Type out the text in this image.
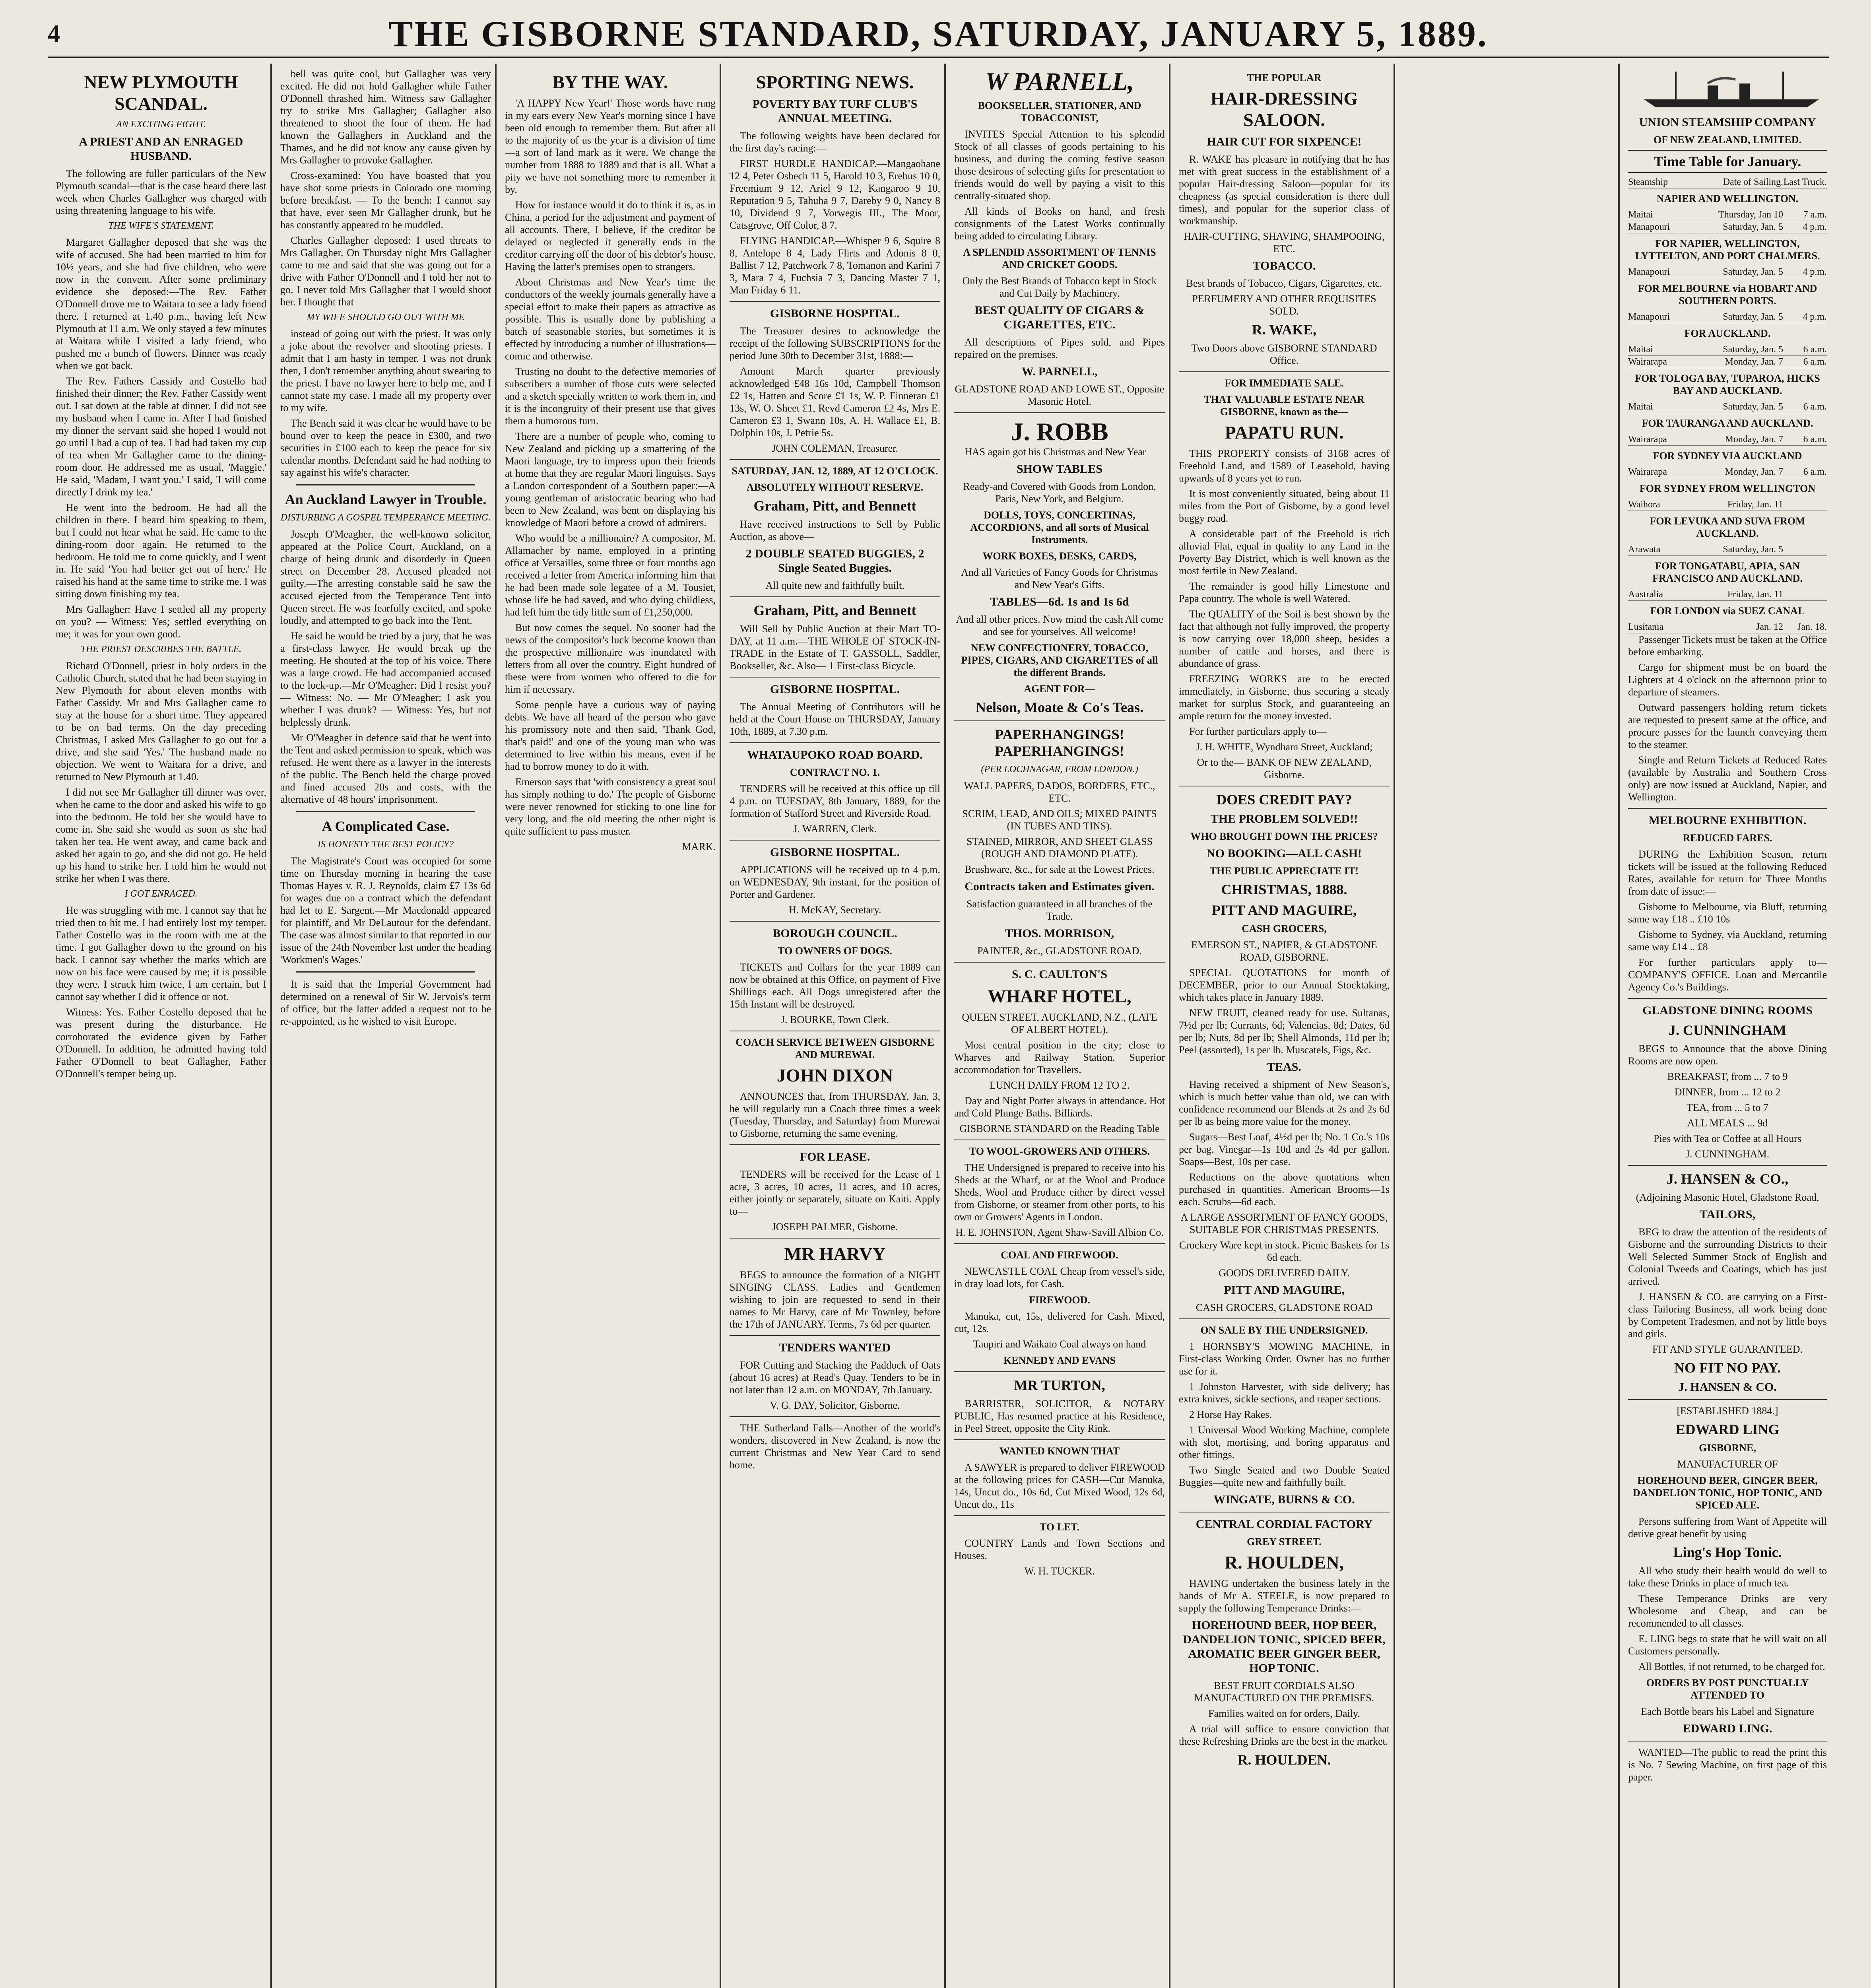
4	THE GISBORNE STANDARD, SATURDAY, JANUARY 5, 1889.
NEW PLYMOUTH SCANDAL.
AN EXCITING FIGHT.
A PRIEST AND AN ENRAGED HUSBAND.

The following are fuller particulars of the New Plymouth scandal—that is the case heard there last week when Charles Gallagher was charged with using threatening language to his wife.

THE WIFE'S STATEMENT.

Margaret Gallagher deposed that she was the wife of accused. She had been married to him for 10½ years, and she had five children, who were now in the convent. After some preliminary evidence she deposed:—The Rev. Father O'Donnell drove me to Waitara to see a lady friend there. I returned at 1.40 p.m., having left New Plymouth at 11 a.m. We only stayed a few minutes at Waitara while I visited a lady friend, who pushed me a bunch of flowers. Dinner was ready when we got back.

The Rev. Fathers Cassidy and Costello had finished their dinner; the Rev. Father Cassidy went out. I sat down at the table at dinner. I did not see my husband when I came in. After I had finished my dinner the servant said she hoped I would not go until I had a cup of tea. I had had taken my cup of tea when Mr Gallagher came to the dining-room door. He addressed me as usual, 'Maggie.' He said, 'Madam, I want you.' I said, 'I will come directly I drink my tea.'

He went into the bedroom. He had all the children in there. I heard him speaking to them, but I could not hear what he said. He came to the dining-room door again. He returned to the bedroom. He told me to come quickly, and I went in. He said 'You had better get out of here.' He raised his hand at the same time to strike me. I was sitting down finishing my tea.

Mrs Gallagher: Have I settled all my property on you? — Witness: Yes; settled everything on me; it was for your own good.

THE PRIEST DESCRIBES THE BATTLE.

Richard O'Donnell, priest in holy orders in the Catholic Church, stated that he had been staying in New Plymouth for about eleven months with Father Cassidy. Mr and Mrs Gallagher came to stay at the house for a short time. They appeared to be on bad terms. On the day preceding Christmas, I asked Mrs Gallagher to go out for a drive, and she said 'Yes.' The husband made no objection. We went to Waitara for a drive, and returned to New Plymouth at 1.40.

I did not see Mr Gallagher till dinner was over, when he came to the door and asked his wife to go into the bedroom. He told her she would have to come in. She said she would as soon as she had taken her tea. He went away, and came back and asked her again to go, and she did not go. He held up his hand to strike her. I told him he would not strike her when I was there.

I GOT ENRAGED.

He was struggling with me. I cannot say that he tried then to hit me. I had entirely lost my temper. Father Costello was in the room with me at the time. I got Gallagher down to the ground on his back. I cannot say whether the marks which are now on his face were caused by me; it is possible they were. I struck him twice, I am certain, but I cannot say whether I did it offence or not.

Witness: Yes. Father Costello deposed that he was present during the disturbance. He corroborated the evidence given by Father O'Donnell. In addition, he admitted having told Father O'Donnell to beat Gallagher, Father O'Donnell's temper being up.

bell was quite cool, but Gallagher was very excited. He did not hold Gallagher while Father O'Donnell thrashed him. Witness saw Gallagher try to strike Mrs Gallagher; Gallagher also threatened to shoot the four of them. He had known the Gallaghers in Auckland and the Thames, and he did not know any cause given by Mrs Gallagher to provoke Gallagher.

Cross-examined: You have boasted that you have shot some priests in Colorado one morning before breakfast. — To the bench: I cannot say that have, ever seen Mr Gallagher drunk, but he has constantly appeared to be muddled.

Charles Gallagher deposed: I used threats to Mrs Gallagher. On Thursday night Mrs Gallagher came to me and said that she was going out for a drive with Father O'Donnell and I told her not to go. I never told Mrs Gallagher that I would shoot her. I thought that

MY WIFE SHOULD GO OUT WITH ME

instead of going out with the priest. It was only a joke about the revolver and shooting priests. I admit that I am hasty in temper. I was not drunk then, I don't remember anything about swearing to the priest. I have no lawyer here to help me, and I cannot state my case. I made all my property over to my wife.

The Bench said it was clear he would have to be bound over to keep the peace in £300, and two securities in £100 each to keep the peace for six calendar months. Defendant said he had nothing to say against his wife's character.

An Auckland Lawyer in Trouble.
DISTURBING A GOSPEL TEMPERANCE MEETING.

Joseph O'Meagher, the well-known solicitor, appeared at the Police Court, Auckland, on a charge of being drunk and disorderly in Queen street on December 28. Accused pleaded not guilty.—The arresting constable said he saw the accused ejected from the Temperance Tent into Queen street. He was fearfully excited, and spoke loudly, and attempted to go back into the Tent.

He said he would be tried by a jury, that he was a first-class lawyer. He would break up the meeting. He shouted at the top of his voice. There was a large crowd. He had accompanied accused to the lock-up.—Mr O'Meagher: Did I resist you? — Witness: No. — Mr O'Meagher: I ask you whether I was drunk? — Witness: Yes, but not helplessly drunk.

Mr O'Meagher in defence said that he went into the Tent and asked permission to speak, which was refused. He went there as a lawyer in the interests of the public. The Bench held the charge proved and fined accused 20s and costs, with the alternative of 48 hours' imprisonment.

A Complicated Case.
IS HONESTY THE BEST POLICY?

The Magistrate's Court was occupied for some time on Thursday morning in hearing the case Thomas Hayes v. R. J. Reynolds, claim £7 13s 6d for wages due on a contract which the defendant had let to E. Sargent.—Mr Macdonald appeared for plaintiff, and Mr DeLautour for the defendant. The case was almost similar to that reported in our issue of the 24th November last under the heading 'Workmen's Wages.'

It is said that the Imperial Government had determined on a renewal of Sir W. Jervois's term of office, but the latter added a request not to be re-appointed, as he wished to visit Europe.

BY THE WAY.

'A HAPPY New Year!' Those words have rung in my ears every New Year's morning since I have been old enough to remember them. But after all to the majority of us the year is a division of time—a sort of land mark as it were. We change the number from 1888 to 1889 and that is all. What a pity we have not something more to remember it by.

How for instance would it do to think it is, as in China, a period for the adjustment and payment of all accounts. There, I believe, if the creditor be delayed or neglected it generally ends in the creditor carrying off the door of his debtor's house. Having the latter's premises open to strangers.

About Christmas and New Year's time the conductors of the weekly journals generally have a special effort to make their papers as attractive as possible. This is usually done by publishing a batch of seasonable stories, but sometimes it is effected by introducing a number of illustrations—comic and otherwise.

Trusting no doubt to the defective memories of subscribers a number of those cuts were selected and a sketch specially written to work them in, and it is the incongruity of their present use that gives them a humorous turn.

There are a number of people who, coming to New Zealand and picking up a smattering of the Maori language, try to impress upon their friends at home that they are regular Maori linguists. Says a London correspondent of a Southern paper:—A young gentleman of aristocratic bearing who had been to New Zealand, was bent on displaying his knowledge of Maori before a crowd of admirers.

Who would be a millionaire? A compositor, M. Allamacher by name, employed in a printing office at Versailles, some three or four months ago received a letter from America informing him that he had been made sole legatee of a M. Tousiet, whose life he had saved, and who dying childless, had left him the tidy little sum of £1,250,000.

But now comes the sequel. No sooner had the news of the compositor's luck become known than the prospective millionaire was inundated with letters from all over the country. Eight hundred of these were from women who offered to die for him if necessary.

Some people have a curious way of paying debts. We have all heard of the person who gave his promissory note and then said, 'Thank God, that's paid!' and one of the young man who was determined to live within his means, even if he had to borrow money to do it with.

Emerson says that 'with consistency a great soul has simply nothing to do.' The people of Gisborne were never renowned for sticking to one line for very long, and the old meeting the other night is quite sufficient to pass muster.

MARK.

SPORTING NEWS.
POVERTY BAY TURF CLUB'S ANNUAL MEETING.

The following weights have been declared for the first day's racing:—

FIRST HURDLE HANDICAP.—Mangaohane 12 4, Peter Osbech 11 5, Harold 10 3, Erebus 10 0, Freemium 9 12, Ariel 9 12, Kangaroo 9 10, Reputation 9 5, Tahuha 9 7, Dareby 9 0, Nancy 8 10, Dividend 9 7, Vorwegis III., The Moor, Catsgrove, Off Color, 8 7.

FLYING HANDICAP.—Whisper 9 6, Squire 8 8, Antelope 8 4, Lady Flirts and Adonis 8 0, Ballist 7 12, Patchwork 7 8, Tomanon and Karini 7 3, Mara 7 4, Fuchsia 7 3, Dancing Master 7 1, Man Friday 6 11.

GISBORNE HOSPITAL.

The Treasurer desires to acknowledge the receipt of the following SUBSCRIPTIONS for the period June 30th to December 31st, 1888:—

Amount March quarter previously acknowledged £48 16s 10d, Campbell Thomson £2 1s, Hatten and Score £1 1s, W. P. Finneran £1 13s, W. O. Sheet £1, Revd Cameron £2 4s, Mrs E. Cameron £3 1, Swann 10s, A. H. Wallace £1, B. Dolphin 10s, J. Petrie 5s.

JOHN COLEMAN, Treasurer.

SATURDAY, JAN. 12, 1889, AT 12 O'CLOCK.
ABSOLUTELY WITHOUT RESERVE.
Graham, Pitt, and Bennett

Have received instructions to Sell by Public Auction, as above—

2 DOUBLE SEATED BUGGIES, 2 Single Seated Buggies.

All quite new and faithfully built.

Graham, Pitt, and Bennett

Will Sell by Public Auction at their Mart TO-DAY, at 11 a.m.—THE WHOLE OF STOCK-IN-TRADE in the Estate of T. GASSOLL, Saddler, Bookseller, &c. Also— 1 First-class Bicycle.

GISBORNE HOSPITAL.

The Annual Meeting of Contributors will be held at the Court House on THURSDAY, January 10th, 1889, at 7.30 p.m.

WHATAUPOKO ROAD BOARD.
CONTRACT NO. 1.

TENDERS will be received at this office up till 4 p.m. on TUESDAY, 8th January, 1889, for the formation of Stafford Street and Riverside Road.

J. WARREN, Clerk.

GISBORNE HOSPITAL.

APPLICATIONS will be received up to 4 p.m. on WEDNESDAY, 9th instant, for the position of Porter and Gardener.

H. McKAY, Secretary.

BOROUGH COUNCIL.
TO OWNERS OF DOGS.

TICKETS and Collars for the year 1889 can now be obtained at this Office, on payment of Five Shillings each. All Dogs unregistered after the 15th Instant will be destroyed.

J. BOURKE, Town Clerk.

COACH SERVICE BETWEEN GISBORNE AND MUREWAI.
JOHN DIXON

ANNOUNCES that, from THURSDAY, Jan. 3, he will regularly run a Coach three times a week (Tuesday, Thursday, and Saturday) from Murewai to Gisborne, returning the same evening.

FOR LEASE.

TENDERS will be received for the Lease of 1 acre, 3 acres, 10 acres, 11 acres, and 10 acres, either jointly or separately, situate on Kaiti. Apply to—

JOSEPH PALMER, Gisborne.

MR HARVY

BEGS to announce the formation of a NIGHT SINGING CLASS. Ladies and Gentlemen wishing to join are requested to send in their names to Mr Harvy, care of Mr Townley, before the 17th of JANUARY. Terms, 7s 6d per quarter.

TENDERS WANTED

FOR Cutting and Stacking the Paddock of Oats (about 16 acres) at Read's Quay. Tenders to be in not later than 12 a.m. on MONDAY, 7th January.

V. G. DAY, Solicitor, Gisborne.

THE Sutherland Falls—Another of the world's wonders, discovered in New Zealand, is now the current Christmas and New Year Card to send home.

W PARNELL,
BOOKSELLER, STATIONER, AND TOBACCONIST,

INVITES Special Attention to his splendid Stock of all classes of goods pertaining to his business, and during the coming festive season those desirous of selecting gifts for presentation to friends would do well by paying a visit to this centrally-situated shop.

All kinds of Books on hand, and fresh consignments of the Latest Works continually being added to circulating Library.

A SPLENDID ASSORTMENT OF TENNIS AND CRICKET GOODS.

Only the Best Brands of Tobacco kept in Stock and Cut Daily by Machinery.

BEST QUALITY OF CIGARS & CIGARETTES, ETC.

All descriptions of Pipes sold, and Pipes repaired on the premises.

W. PARNELL,

GLADSTONE ROAD AND LOWE ST., Opposite Masonic Hotel.

J. ROBB

HAS again got his Christmas and New Year

SHOW TABLES

Ready-and Covered with Goods from London, Paris, New York, and Belgium.

DOLLS, TOYS, CONCERTINAS, ACCORDIONS, and all sorts of Musical Instruments.
WORK BOXES, DESKS, CARDS,

And all Varieties of Fancy Goods for Christmas and New Year's Gifts.

TABLES—6d. 1s and 1s 6d

And all other prices. Now mind the cash All come and see for yourselves. All welcome!

NEW CONFECTIONERY, TOBACCO, PIPES, CIGARS, AND CIGARETTES of all the different Brands.
AGENT FOR—
Nelson, Moate & Co's Teas.
PAPERHANGINGS! PAPERHANGINGS!
(PER LOCHNAGAR, FROM LONDON.)

WALL PAPERS, DADOS, BORDERS, ETC., ETC.

SCRIM, LEAD, AND OILS; MIXED PAINTS (IN TUBES AND TINS).

STAINED, MIRROR, AND SHEET GLASS (ROUGH AND DIAMOND PLATE).

Brushware, &c., for sale at the Lowest Prices.

Contracts taken and Estimates given.

Satisfaction guaranteed in all branches of the Trade.

THOS. MORRISON,

PAINTER, &c., GLADSTONE ROAD.

S. C. CAULTON'S
WHARF HOTEL,

QUEEN STREET, AUCKLAND, N.Z., (LATE OF ALBERT HOTEL).

Most central position in the city; close to Wharves and Railway Station. Superior accommodation for Travellers.

LUNCH DAILY FROM 12 TO 2.

Day and Night Porter always in attendance. Hot and Cold Plunge Baths. Billiards.

GISBORNE STANDARD on the Reading Table

TO WOOL-GROWERS AND OTHERS.

THE Undersigned is prepared to receive into his Sheds at the Wharf, or at the Wool and Produce Sheds, Wool and Produce either by direct vessel from Gisborne, or steamer from other ports, to his own or Growers' Agents in London.

H. E. JOHNSTON, Agent Shaw-Savill Albion Co.

COAL AND FIREWOOD.

NEWCASTLE COAL Cheap from vessel's side, in dray load lots, for Cash.

FIREWOOD.

Manuka, cut, 15s, delivered for Cash. Mixed, cut, 12s.

Taupiri and Waikato Coal always on hand

KENNEDY AND EVANS
MR TURTON,

BARRISTER, SOLICITOR, & NOTARY PUBLIC, Has resumed practice at his Residence, in Peel Street, opposite the City Rink.

WANTED KNOWN THAT

A SAWYER is prepared to deliver FIREWOOD at the following prices for CASH—Cut Manuka, 14s, Uncut do., 10s 6d, Cut Mixed Wood, 12s 6d, Uncut do., 11s

TO LET.

COUNTRY Lands and Town Sections and Houses.

W. H. TUCKER.

THE POPULAR
HAIR-DRESSING SALOON.
HAIR CUT FOR SIXPENCE!

R. WAKE has pleasure in notifying that he has met with great success in the establishment of a popular Hair-dressing Saloon—popular for its cheapness (as special consideration is there dull times), and popular for the superior class of workmanship.

HAIR-CUTTING, SHAVING, SHAMPOOING, ETC.

TOBACCO.

Best brands of Tobacco, Cigars, Cigarettes, etc.

PERFUMERY AND OTHER REQUISITES SOLD.

R. WAKE,

Two Doors above GISBORNE STANDARD Office.

FOR IMMEDIATE SALE.
THAT VALUABLE ESTATE NEAR GISBORNE, known as the—
PAPATU RUN.

THIS PROPERTY consists of 3168 acres of Freehold Land, and 1589 of Leasehold, having upwards of 8 years yet to run.

It is most conveniently situated, being about 11 miles from the Port of Gisborne, by a good level buggy road.

A considerable part of the Freehold is rich alluvial Flat, equal in quality to any Land in the Poverty Bay District, which is well known as the most fertile in New Zealand.

The remainder is good hilly Limestone and Papa country. The whole is well Watered.

The QUALITY of the Soil is best shown by the fact that although not fully improved, the property is now carrying over 18,000 sheep, besides a number of cattle and horses, and there is abundance of grass.

FREEZING WORKS are to be erected immediately, in Gisborne, thus securing a steady market for surplus Stock, and guaranteeing an ample return for the money invested.

For further particulars apply to—

J. H. WHITE, Wyndham Street, Auckland;

Or to the— BANK OF NEW ZEALAND, Gisborne.

DOES CREDIT PAY?
THE PROBLEM SOLVED!!
WHO BROUGHT DOWN THE PRICES?
NO BOOKING—ALL CASH!
THE PUBLIC APPRECIATE IT!
CHRISTMAS, 1888.
PITT AND MAGUIRE,
CASH GROCERS,

EMERSON ST., NAPIER, & GLADSTONE ROAD, GISBORNE.

SPECIAL QUOTATIONS for month of DECEMBER, prior to our Annual Stocktaking, which takes place in January 1889.

NEW FRUIT, cleaned ready for use. Sultanas, 7½d per lb; Currants, 6d; Valencias, 8d; Dates, 6d per lb; Nuts, 8d per lb; Shell Almonds, 11d per lb; Peel (assorted), 1s per lb. Muscatels, Figs, &c.

TEAS.

Having received a shipment of New Season's, which is much better value than old, we can with confidence recommend our Blends at 2s and 2s 6d per lb as being more value for the money.

Sugars—Best Loaf, 4½d per lb; No. 1 Co.'s 10s per bag. Vinegar—1s 10d and 2s 4d per gallon. Soaps—Best, 10s per case.

Reductions on the above quotations when purchased in quantities. American Brooms—1s each. Scrubs—6d each.

A LARGE ASSORTMENT OF FANCY GOODS, SUITABLE FOR CHRISTMAS PRESENTS.

Crockery Ware kept in stock. Picnic Baskets for 1s 6d each.

GOODS DELIVERED DAILY.

PITT AND MAGUIRE,

CASH GROCERS, GLADSTONE ROAD

ON SALE BY THE UNDERSIGNED.

1 HORNSBY'S MOWING MACHINE, in First-class Working Order. Owner has no further use for it.

1 Johnston Harvester, with side delivery; has extra knives, sickle sections, and reaper sections.

2 Horse Hay Rakes.

1 Universal Wood Working Machine, complete with slot, mortising, and boring apparatus and other fittings.

Two Single Seated and two Double Seated Buggies—quite new and faithfully built.

WINGATE, BURNS & CO.
CENTRAL CORDIAL FACTORY
GREY STREET.
R. HOULDEN,

HAVING undertaken the business lately in the hands of Mr A. STEELE, is now prepared to supply the following Temperance Drinks:—

HOREHOUND BEER, HOP BEER, DANDELION TONIC, SPICED BEER, AROMATIC BEER GINGER BEER, HOP TONIC.

BEST FRUIT CORDIALS ALSO MANUFACTURED ON THE PREMISES.

Families waited on for orders, Daily.

A trial will suffice to ensure conviction that these Refreshing Drinks are the best in the market.

R. HOULDEN.
UNION STEAMSHIP COMPANY
OF NEW ZEALAND, LIMITED.
Time Table for January.
Steamship	Date of Sailing. Last Truck.
NAPIER AND WELLINGTON.
Maitai	Thursday, Jan 10	7 a.m.
Manapouri	Saturday, Jan. 5	4 p.m.
FOR NAPIER, WELLINGTON, LYTTELTON, AND PORT CHALMERS.
Manapouri	Saturday, Jan. 5	4 p.m.
FOR MELBOURNE via HOBART AND SOUTHERN PORTS.
Manapouri	Saturday, Jan. 5	4 p.m.
FOR AUCKLAND.
Maitai	Saturday, Jan. 5	6 a.m.
Wairarapa	Monday, Jan. 7	6 a.m.
FOR TOLOGA BAY, TUPAROA, HICKS BAY AND AUCKLAND.
Maitai	Saturday, Jan. 5	6 a.m.
FOR TAURANGA AND AUCKLAND.
Wairarapa	Monday, Jan. 7	6 a.m.
FOR SYDNEY VIA AUCKLAND
Wairarapa	Monday, Jan. 7	6 a.m.
FOR SYDNEY FROM WELLINGTON
Waihora	Friday, Jan. 11
FOR LEVUKA AND SUVA FROM AUCKLAND.
Arawata	Saturday, Jan. 5
FOR TONGATABU, APIA, SAN FRANCISCO AND AUCKLAND.
Australia	Friday, Jan. 11
FOR LONDON via SUEZ CANAL
Lusitania	Jan. 12	Jan. 18.

Passenger Tickets must be taken at the Office before embarking.

Cargo for shipment must be on board the Lighters at 4 o'clock on the afternoon prior to departure of steamers.

Outward passengers holding return tickets are requested to present same at the office, and procure passes for the launch conveying them to the steamer.

Single and Return Tickets at Reduced Rates (available by Australia and Southern Cross only) are now issued at Auckland, Napier, and Wellington.

MELBOURNE EXHIBITION.
REDUCED FARES.

DURING the Exhibition Season, return tickets will be issued at the following Reduced Rates, available for return for Three Months from date of issue:—

Gisborne to Melbourne, via Bluff, returning same way £18 .. £10 10s

Gisborne to Sydney, via Auckland, returning same way £14 .. £8

For further particulars apply to— COMPANY'S OFFICE. Loan and Mercantile Agency Co.'s Buildings.

GLADSTONE DINING ROOMS
J. CUNNINGHAM

BEGS to Announce that the above Dining Rooms are now open.

BREAKFAST, from ... 7 to 9

DINNER, from ... 12 to 2

TEA, from ... 5 to 7

ALL MEALS ... 9d

Pies with Tea or Coffee at all Hours

J. CUNNINGHAM.

J. HANSEN & CO.,

(Adjoining Masonic Hotel, Gladstone Road,

TAILORS,

BEG to draw the attention of the residents of Gisborne and the surrounding Districts to their Well Selected Summer Stock of English and Colonial Tweeds and Coatings, which has just arrived.

J. HANSEN & CO. are carrying on a First-class Tailoring Business, all work being done by Competent Tradesmen, and not by little boys and girls.

FIT AND STYLE GUARANTEED.

NO FIT NO PAY.
J. HANSEN & CO.

[ESTABLISHED 1884.]

EDWARD LING
GISBORNE,

MANUFACTURER OF

HOREHOUND BEER, GINGER BEER, DANDELION TONIC, HOP TONIC, AND SPICED ALE.

Persons suffering from Want of Appetite will derive great benefit by using

Ling's Hop Tonic.

All who study their health would do well to take these Drinks in place of much tea.

These Temperance Drinks are very Wholesome and Cheap, and can be recommended to all classes.

E. LING begs to state that he will wait on all Customers personally.

All Bottles, if not returned, to be charged for.

ORDERS BY POST PUNCTUALLY ATTENDED TO

Each Bottle bears his Label and Signature

EDWARD LING.

WANTED—The public to read the print this is No. 7 Sewing Machine, on first page of this paper.
